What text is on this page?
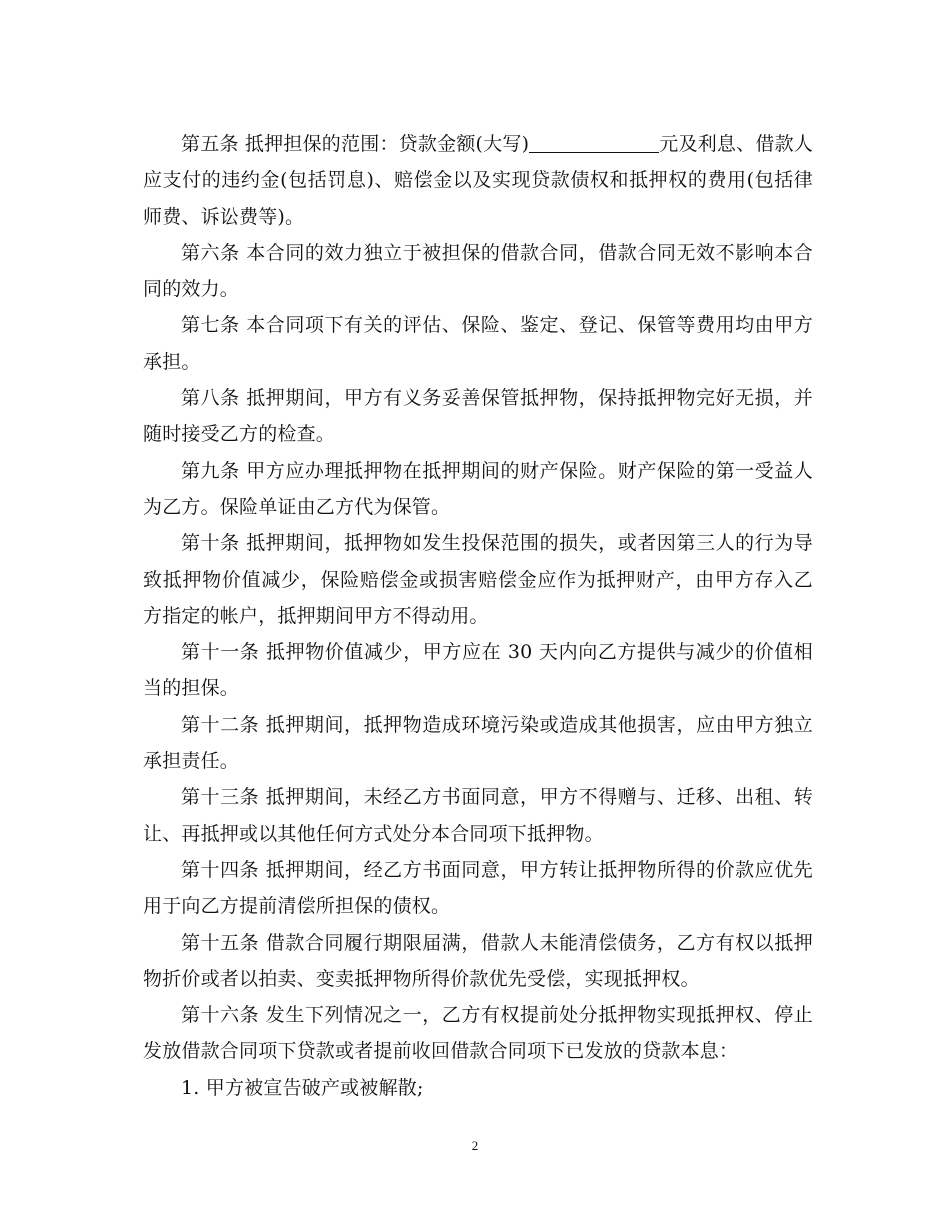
第五条 抵押担保的范围：贷款金额(大写)	元及利息、借款人应支付的违约金(包括罚息)、赔偿金以及实现贷款债权和抵押权的费用(包括律师费、诉讼费等)。

第六条 本合同的效力独立于被担保的借款合同，借款合同无效不影响本合同的效力。

第七条 本合同项下有关的评估、保险、鉴定、登记、保管等费用均由甲方承担。

第八条 抵押期间，甲方有义务妥善保管抵押物，保持抵押物完好无损，并随时接受乙方的检查。

第九条 甲方应办理抵押物在抵押期间的财产保险。财产保险的第一受益人为乙方。保险单证由乙方代为保管。

第十条 抵押期间，抵押物如发生投保范围的损失，或者因第三人的行为导致抵押物价值减少，保险赔偿金或损害赔偿金应作为抵押财产，由甲方存入乙方指定的帐户，抵押期间甲方不得动用。

第十一条 抵押物价值减少，甲方应在 30 天内向乙方提供与减少的价值相当的担保。

第十二条 抵押期间，抵押物造成环境污染或造成其他损害，应由甲方独立承担责任。

第十三条 抵押期间，未经乙方书面同意，甲方不得赠与、迁移、出租、转让、再抵押或以其他任何方式处分本合同项下抵押物。

第十四条 抵押期间，经乙方书面同意，甲方转让抵押物所得的价款应优先用于向乙方提前清偿所担保的债权。

第十五条 借款合同履行期限届满，借款人未能清偿债务，乙方有权以抵押物折价或者以拍卖、变卖抵押物所得价款优先受偿，实现抵押权。

第十六条 发生下列情况之一，乙方有权提前处分抵押物实现抵押权、停止发放借款合同项下贷款或者提前收回借款合同项下已发放的贷款本息：

1. 甲方被宣告破产或被解散;

2
